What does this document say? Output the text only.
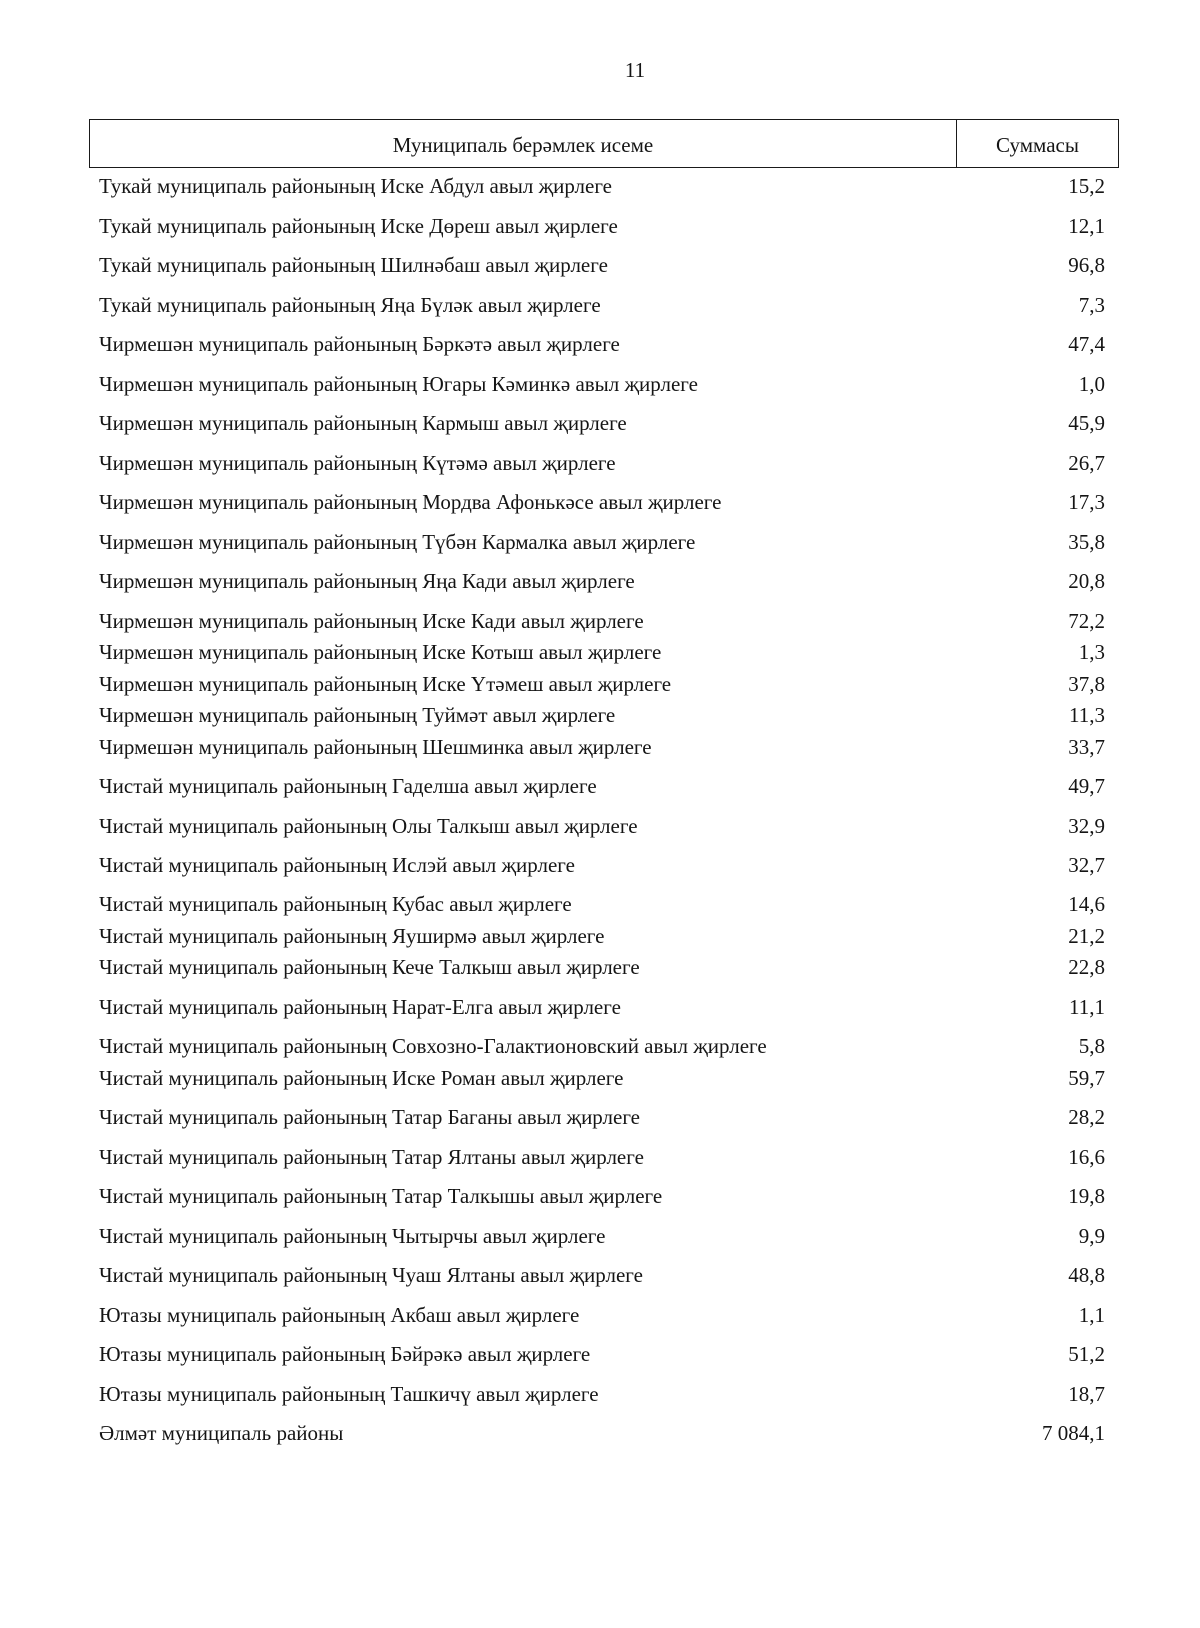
11
Муниципаль берәмлек исеме	Суммасы
Тукай муниципаль районының Иске Абдул авыл җирлеге	15,2
Тукай муниципаль районының Иске Дөреш авыл җирлеге	12,1
Тукай муниципаль районының Шилнәбаш авыл җирлеге	96,8
Тукай муниципаль районының Яңа Бүләк авыл җирлеге	7,3
Чирмешән муниципаль районының Бәркәтә авыл җирлеге	47,4
Чирмешән муниципаль районының Югары Кәминкә авыл җирлеге	1,0
Чирмешән муниципаль районының Кармыш авыл җирлеге	45,9
Чирмешән муниципаль районының Күтәмә авыл җирлеге	26,7
Чирмешән муниципаль районының Мордва Афонькәсе авыл җирлеге	17,3
Чирмешән муниципаль районының Түбән Кармалка авыл җирлеге	35,8
Чирмешән муниципаль районының Яңа Кади авыл җирлеге	20,8
Чирмешән муниципаль районының Иске Кади авыл җирлеге	72,2
Чирмешән муниципаль районының Иске Котыш авыл җирлеге	1,3
Чирмешән муниципаль районының Иске Үтәмеш авыл җирлеге	37,8
Чирмешән муниципаль районының Туймәт авыл җирлеге	11,3
Чирмешән муниципаль районының Шешминка авыл җирлеге	33,7
Чистай муниципаль районының Гаделша авыл җирлеге	49,7
Чистай муниципаль районының Олы Талкыш авыл җирлеге	32,9
Чистай муниципаль районының Ислэй авыл җирлеге	32,7
Чистай муниципаль районының Кубас авыл җирлеге	14,6
Чистай муниципаль районының Яуширмә авыл җирлеге	21,2
Чистай муниципаль районының Кече Талкыш авыл җирлеге	22,8
Чистай муниципаль районының Нарат-Елга авыл җирлеге	11,1
Чистай муниципаль районының Совхозно-Галактионовский авыл җирлеге	5,8
Чистай муниципаль районының Иске Роман авыл җирлеге	59,7
Чистай муниципаль районының Татар Баганы авыл җирлеге	28,2
Чистай муниципаль районының Татар Ялтаны авыл җирлеге	16,6
Чистай муниципаль районының Татар Талкышы авыл җирлеге	19,8
Чистай муниципаль районының Чытырчы авыл җирлеге	9,9
Чистай муниципаль районының Чуаш Ялтаны авыл җирлеге	48,8
Ютазы муниципаль районының Акбаш авыл җирлеге	1,1
Ютазы муниципаль районының Бәйрәкә авыл җирлеге	51,2
Ютазы муниципаль районының Ташкичү авыл җирлеге	18,7
Әлмәт муниципаль районы	7 084,1
